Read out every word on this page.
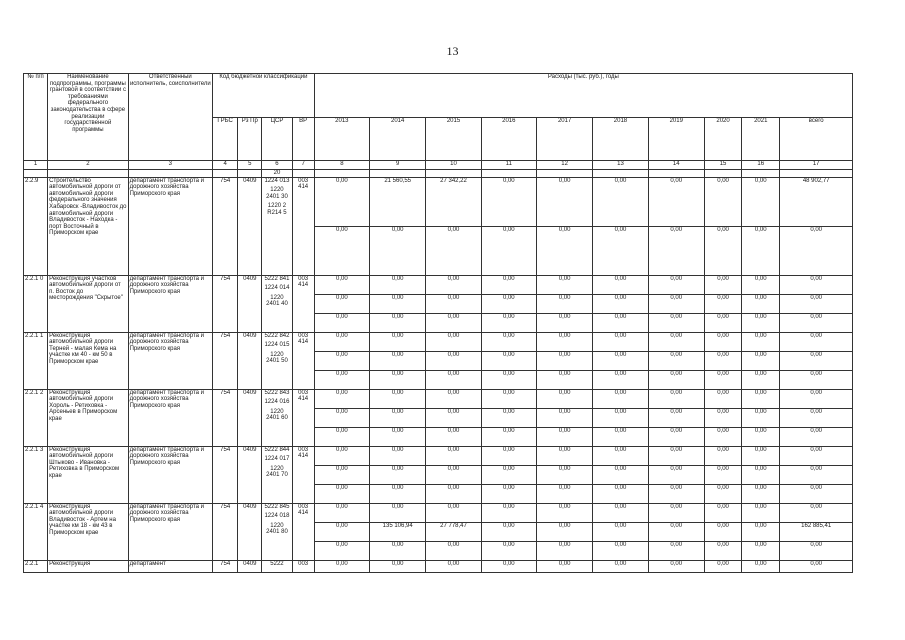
13
№ п/п	Наименование подпрограммы, программы грантовой в соответствии с требованиями федерального законодательства в сфере реализации государственной программы	Ответственный исполнитель, соисполнители	Код бюджетной классификации				Расходы (тыс. руб.), годы									
			ГРБС	Рз Пр	ЦСР	ВР	2013	2014	2015	2016	2017	2018	2019	2020	2021	всего
1	2	3	4	5	6	7	8	9	10	11	12	13	14	15	16	17
					20											
2.2.9	Строительство автомобильной дороги от автомобильной дороги федерального значения Хабаровск -Владивосток до автомобильной дороги Владивосток - Находка - порт Восточный в Приморском крае	департамент транспорта и дорожного хозяйства Приморского края	754	0409	1224 013
1220 2401 30
1220 2 R214 5	003 414	0,00	21 560,55	27 342,22	0,00	0,00	0,00	0,00	0,00	0,00	48 902,77
							0,00	0,00	0,00	0,00	0,00	0,00	0,00	0,00	0,00	0,00
2.2.1 0	Реконструкция участков автомобильной дороги от п. Восток до месторождения "Скрытое"	департамент транспорта и дорожного хозяйства Приморского края	754	0409	5222 841
1224 014
1220 2401 40	003 414	0,00	0,00	0,00	0,00	0,00	0,00	0,00	0,00	0,00	0,00
							0,00	0,00	0,00	0,00	0,00	0,00	0,00	0,00	0,00	0,00
							0,00	0,00	0,00	0,00	0,00	0,00	0,00	0,00	0,00	0,00
2.2.1 1	Реконструкция автомобильной дороги Терней - малая Кема на участке км 40 - км 50 в Приморском крае	департамент транспорта и дорожного хозяйства Приморского края	754	0409	5222 842
1224 015
1220 2401 50	003 414	0,00	0,00	0,00	0,00	0,00	0,00	0,00	0,00	0,00	0,00
							0,00	0,00	0,00	0,00	0,00	0,00	0,00	0,00	0,00	0,00
							0,00	0,00	0,00	0,00	0,00	0,00	0,00	0,00	0,00	0,00
2.2.1 2	Реконструкция автомобильной дороги Хороль - Ретиховка - Арсеньев в Приморском крае	департамент транспорта и дорожного хозяйства Приморского края	754	0409	5222 843
1224 016
1220 2401 60	003 414	0,00	0,00	0,00	0,00	0,00	0,00	0,00	0,00	0,00	0,00
							0,00	0,00	0,00	0,00	0,00	0,00	0,00	0,00	0,00	0,00
							0,00	0,00	0,00	0,00	0,00	0,00	0,00	0,00	0,00	0,00
2.2.1 3	Реконструкция автомобильной дороги Штыково - Ивановка - Ретиховка в Приморском крае	департамент транспорта и дорожного хозяйства Приморского края	754	0409	5222 844
1224 017
1220 2401 70	003 414	0,00	0,00	0,00	0,00	0,00	0,00	0,00	0,00	0,00	0,00
							0,00	0,00	0,00	0,00	0,00	0,00	0,00	0,00	0,00	0,00
							0,00	0,00	0,00	0,00	0,00	0,00	0,00	0,00	0,00	0,00
2.2.1 4	Реконструкция автомобильной дороги Владивосток - Артем на участке км 18 - км 43 в Приморском крае	департамент транспорта и дорожного хозяйства Приморского края	754	0409	5222 845
1224 018
1220 2401 80	003 414	0,00	0,00	0,00	0,00	0,00	0,00	0,00	0,00	0,00	0,00
							0,00	135 106,94	27 778,47	0,00	0,00	0,00	0,00	0,00	0,00	162 885,41
							0,00	0,00	0,00	0,00	0,00	0,00	0,00	0,00	0,00	0,00
2.2.1	Реконструкция	департамент	754	0409	5222	003	0,00	0,00	0,00	0,00	0,00	0,00	0,00	0,00	0,00	0,00
